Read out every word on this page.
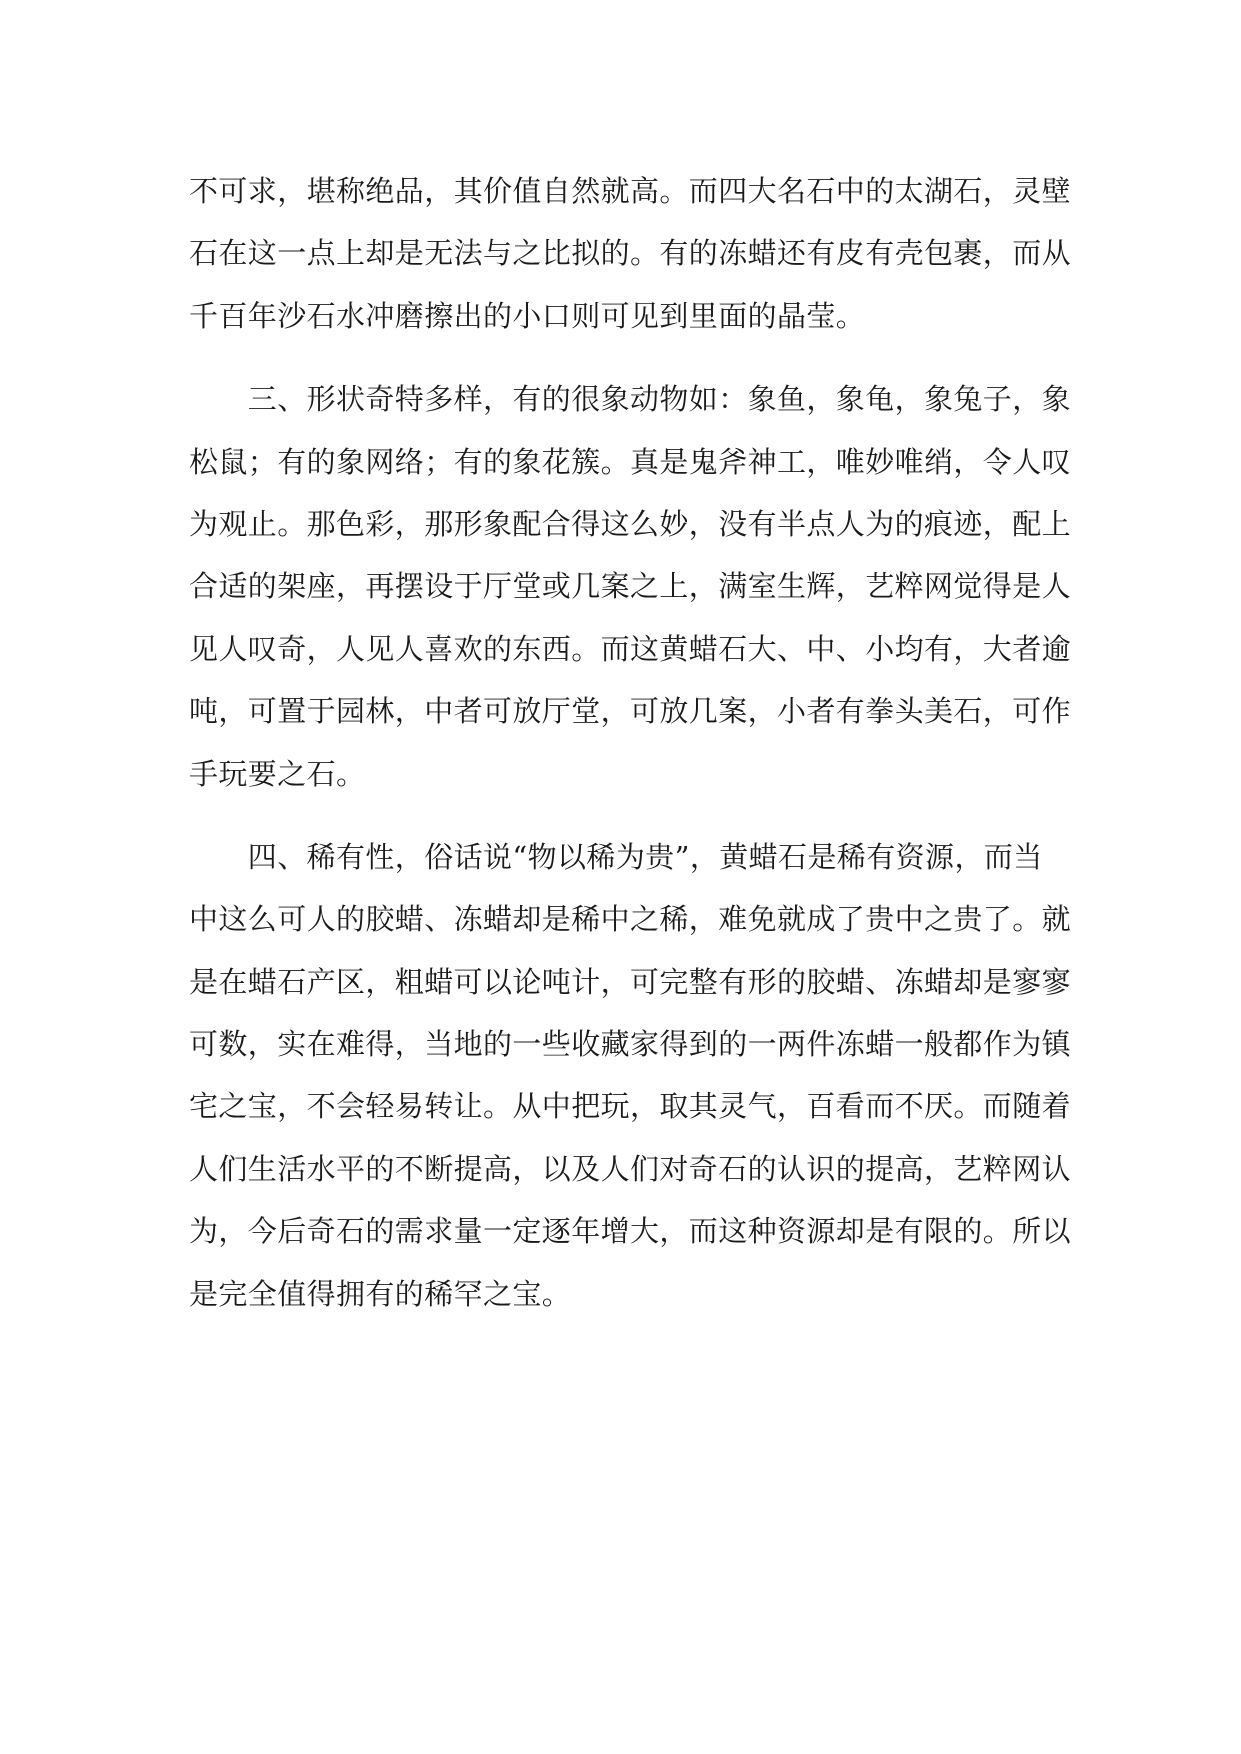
不可求，堪称绝品，其价值自然就高。而四大名石中的太湖石，灵壁
石在这一点上却是无法与之比拟的。有的冻蜡还有皮有壳包裹，而从
千百年沙石水冲磨擦出的小口则可见到里面的晶莹。
　　三、形状奇特多样，有的很象动物如：象鱼，象龟，象兔子，象
松鼠；有的象网络；有的象花簇。真是鬼斧神工，唯妙唯绡，令人叹
为观止。那色彩，那形象配合得这么妙，没有半点人为的痕迹，配上
合适的架座，再摆设于厅堂或几案之上，满室生辉，艺粹网觉得是人
见人叹奇，人见人喜欢的东西。而这黄蜡石大、中、小均有，大者逾
吨，可置于园林，中者可放厅堂，可放几案，小者有拳头美石，可作
手玩要之石。
　　四、稀有性，俗话说“物以稀为贵”，黄蜡石是稀有资源，而当
中这么可人的胶蜡、冻蜡却是稀中之稀，难免就成了贵中之贵了。就
是在蜡石产区，粗蜡可以论吨计，可完整有形的胶蜡、冻蜡却是寥寥
可数，实在难得，当地的一些收藏家得到的一两件冻蜡一般都作为镇
宅之宝，不会轻易转让。从中把玩，取其灵气，百看而不厌。而随着
人们生活水平的不断提高，以及人们对奇石的认识的提高，艺粹网认
为，今后奇石的需求量一定逐年增大，而这种资源却是有限的。所以
是完全值得拥有的稀罕之宝。
